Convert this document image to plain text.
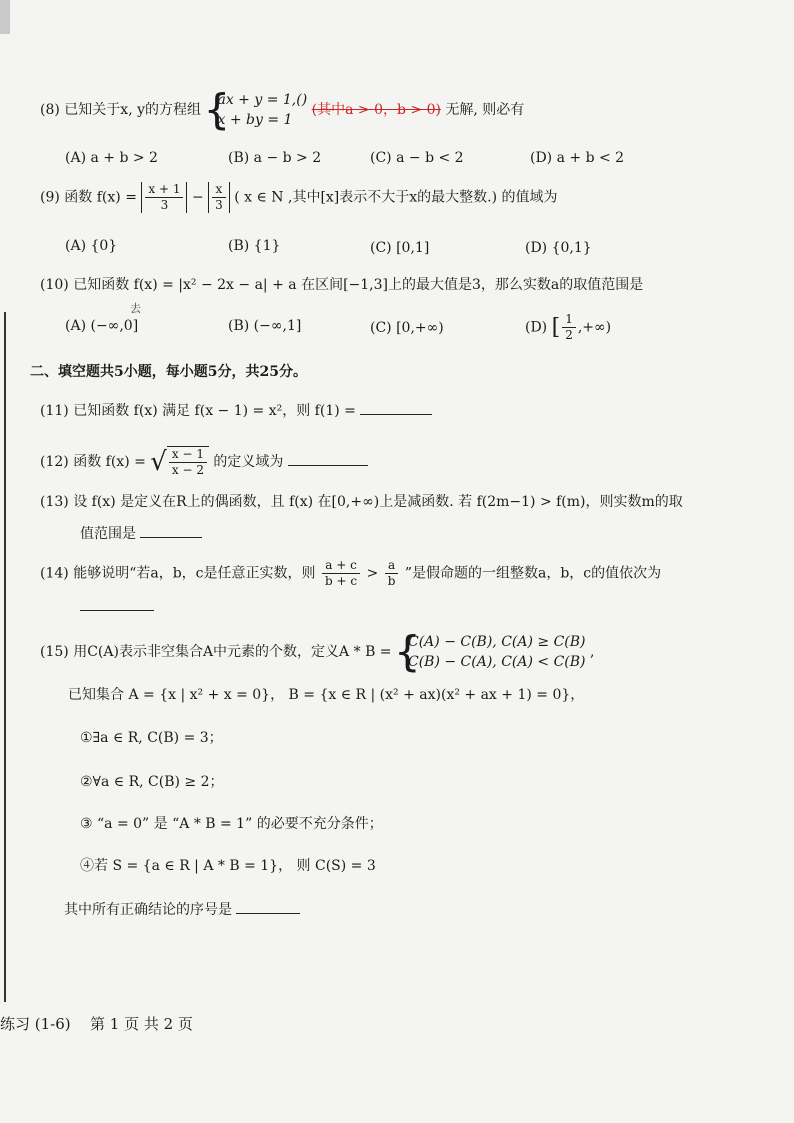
(8) 已知关于x, y的方程组
{ ax + y = 1,()
x + by = 1
(其中a > 0，b > 0) 无解, 则必有
(A) a + b > 2	(B) a − b > 2	(C) a − b < 2	(D) a + b < 2
(9) 函数 $f(x) = \frac{x + 1}{3} - \frac{x}{3}$ ( x ∈ N ,其中[x]表示不大于x的最大整数.) 的值域为
(A) {0}	(B) {1}	(C) [0,1]	(D) {0,1}
(10) 已知函数 f(x) = |x² − 2x − a| + a 在区间[−1,3]上的最大值是3，那么实数a的取值范围是
去
(A) (−∞,0]	(B) (−∞,1]	(C) [0,+∞)	(D) [ $\frac{1}{2}$ ,+∞)
二、填空题共5小题，每小题5分，共25分。
(11) 已知函数 f(x) 满足 f(x − 1) = x²，则 f(1) =
(12) 函数 f(x) = √ $\frac{x - 1}{x - 2}$ 的定义域为
(13) 设 f(x) 是定义在R上的偶函数，且 f(x) 在[0,+∞)上是减函数. 若 f(2m−1) > f(m)，则实数m的取
值范围是
(14) 能够说明“若a，b，c是任意正实数，则 $\frac{a + c}{b + c} > \frac{a}{b}$ ”是假命题的一组整数a，b，c的值依次为
(15) 用C(A)表示非空集合A中元素的个数，定义A * B =
{ C(A) − C(B), C(A) ≥ C(B)
C(B) − C(A), C(A) < C(B)
,
已知集合 A = {x | x² + x = 0}， B = {x ∈ R | (x² + ax)(x² + ax + 1) = 0}，
①∃a ∈ R, C(B) = 3；
②∀a ∈ R, C(B) ≥ 2；
③ “a = 0” 是 “A * B = 1” 的必要不充分条件；
④若 S = {a ∈ R | A * B = 1}， 则 C(S) = 3
其中所有正确结论的序号是
练习 (1-6) 第 1 页 共 2 页
